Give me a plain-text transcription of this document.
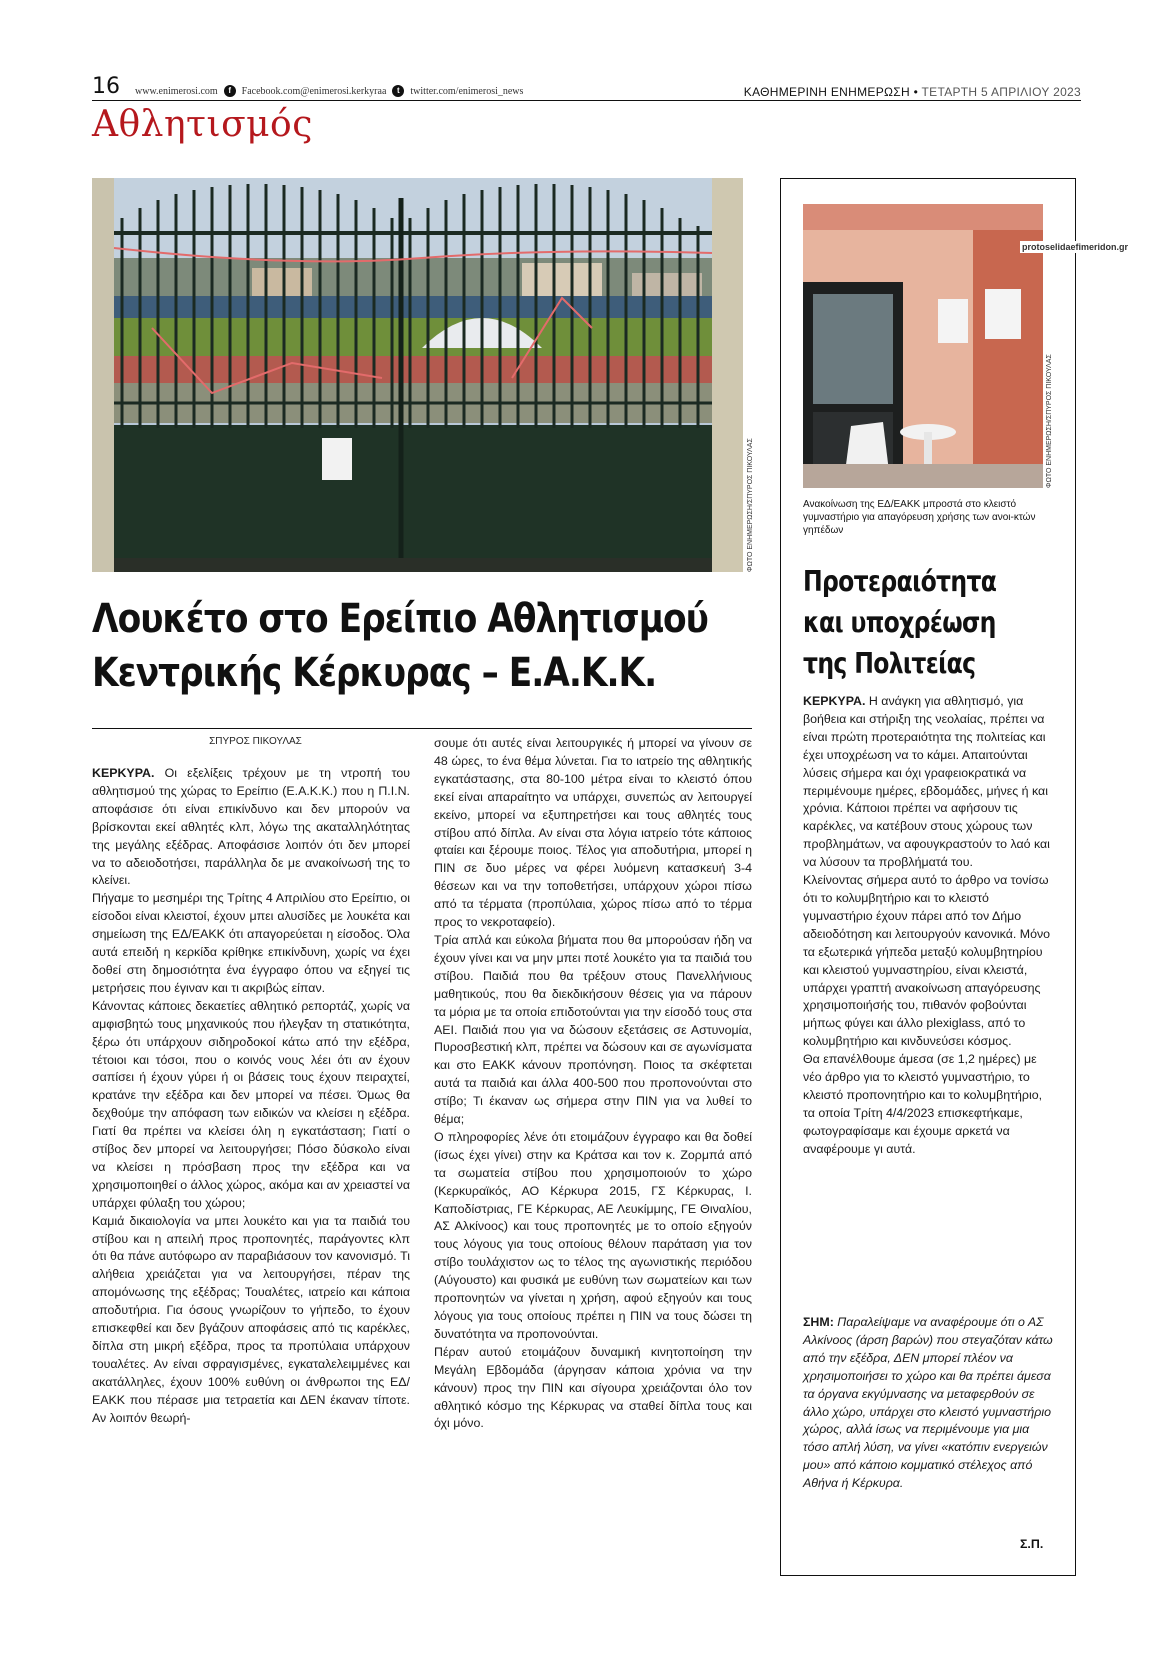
16 www.enimerosi.com	f	Facebook.com@enimerosi.kerkyraa	t	twitter.com/enimerosi_news	ΚΑΘΗΜΕΡΙΝΗ ΕΝΗΜΕΡΩΣΗ • ΤΕΤΑΡΤΗ 5 ΑΠΡΙΛΙΟΥ 2023
Αθλητισμός
ΦΩΤΟ ΕΝΗΜΕΡΩΣΗ/ΣΠΥΡΟΣ ΠΙΚΟΥΛΑΣ
Λουκέτο στο Ερείπιο Αθλητισμού
Κεντρικής Κέρκυρας – Ε.Α.Κ.Κ.
ΣΠΥΡΟΣ ΠΙΚΟΥΛΑΣ

ΚΕΡΚΥΡΑ. Οι εξελίξεις τρέχουν με τη ντροπή του αθλητισμού της χώρας το Ερείπιο (Ε.Α.Κ.Κ.) που η Π.Ι.Ν. αποφάσισε ότι είναι επικίνδυνο και δεν μπορούν να βρίσκονται εκεί αθλητές κλπ, λόγω της ακαταλληλότητας της μεγάλης εξέδρας. Αποφάσισε λοιπόν ότι δεν μπορεί να το αδειοδοτήσει, παράλληλα δε με ανακοίνωσή της το κλείνει.

Πήγαμε το μεσημέρι της Τρίτης 4 Απριλίου στο Ερείπιο, οι είσοδοι είναι κλειστοί, έχουν μπει αλυσίδες με λουκέτα και σημείωση της ΕΔ/ΕΑΚΚ ότι απαγορεύεται η είσοδος. Όλα αυτά επειδή η κερκίδα κρίθηκε επικίνδυνη, χωρίς να έχει δοθεί στη δημοσιότητα ένα έγγραφο όπου να εξηγεί τις μετρήσεις που έγιναν και τι ακριβώς είπαν.

Κάνοντας κάποιες δεκαετίες αθλητικό ρεπορτάζ, χωρίς να αμφισβητώ τους μηχανικούς που ήλεγξαν τη στατικότητα, ξέρω ότι υπάρχουν σιδηροδοκοί κάτω από την εξέδρα, τέτοιοι και τόσοι, που ο κοινός νους λέει ότι αν έχουν σαπίσει ή έχουν γύρει ή οι βάσεις τους έχουν πειραχτεί, κρατάνε την εξέδρα και δεν μπορεί να πέσει. Όμως θα δεχθούμε την απόφαση των ειδικών να κλείσει η εξέδρα. Γιατί θα πρέπει να κλείσει όλη η εγκατάσταση; Γιατί ο στίβος δεν μπορεί να λειτουργήσει; Πόσο δύσκολο είναι να κλείσει η πρόσβαση προς την εξέδρα και να χρησιμοποιηθεί ο άλλος χώρος, ακόμα και αν χρειαστεί να υπάρχει φύλαξη του χώρου;

Καμιά δικαιολογία να μπει λουκέτο και για τα παιδιά του στίβου και η απειλή προς προπονητές, παράγοντες κλπ ότι θα πάνε αυτόφωρο αν παραβιάσουν τον κανονισμό. Τι αλήθεια χρειάζεται για να λειτουργήσει, πέραν της απομόνωσης της εξέδρας; Τουαλέτες, ιατρείο και κάποια αποδυτήρια. Για όσους γνωρίζουν το γήπεδο, το έχουν επισκεφθεί και δεν βγάζουν αποφάσεις από τις καρέκλες, δίπλα στη μικρή εξέδρα, προς τα προπύλαια υπάρχουν τουαλέτες. Αν είναι σφραγισμένες, εγκαταλελειμμένες και ακατάλληλες, έχουν 100% ευθύνη οι άνθρωποι της ΕΔ/ΕΑΚΚ που πέρασε μια τετραετία και ΔΕΝ έκαναν τίποτε. Αν λοιπόν θεωρή-

σουμε ότι αυτές είναι λειτουργικές ή μπορεί να γίνουν σε 48 ώρες, το ένα θέμα λύνεται. Για το ιατρείο της αθλητικής εγκατάστασης, στα 80-100 μέτρα είναι το κλειστό όπου εκεί είναι απαραίτητο να υπάρχει, συνεπώς αν λειτουργεί εκείνο, μπορεί να εξυπηρετήσει και τους αθλητές τους στίβου από δίπλα. Αν είναι στα λόγια ιατρείο τότε κάποιος φταίει και ξέρουμε ποιος. Τέλος για αποδυτήρια, μπορεί η ΠΙΝ σε δυο μέρες να φέρει λυόμενη κατασκευή 3-4 θέσεων και να την τοποθετήσει, υπάρχουν χώροι πίσω από τα τέρματα (προπύλαια, χώρος πίσω από το τέρμα προς το νεκροταφείο).

Τρία απλά και εύκολα βήματα που θα μπορούσαν ήδη να έχουν γίνει και να μην μπει ποτέ λουκέτο για τα παιδιά του στίβου. Παιδιά που θα τρέξουν στους Πανελλήνιους μαθητικούς, που θα διεκδικήσουν θέσεις για να πάρουν τα μόρια με τα οποία επιδοτούνται για την είσοδό τους στα ΑΕΙ. Παιδιά που για να δώσουν εξετάσεις σε Αστυνομία, Πυροσβεστική κλπ, πρέπει να δώσουν και σε αγωνίσματα και στο ΕΑΚΚ κάνουν προπόνηση. Ποιος τα σκέφτεται αυτά τα παιδιά και άλλα 400-500 που προπονούνται στο στίβο; Τι έκαναν ως σήμερα στην ΠΙΝ για να λυθεί το θέμα;

Ο πληροφορίες λένε ότι ετοιμάζουν έγγραφο και θα δοθεί (ίσως έχει γίνει) στην κα Κράτσα και τον κ. Ζορμπά από τα σωματεία στίβου που χρησιμοποιούν το χώρο (Κερκυραϊκός, ΑΟ Κέρκυρα 2015, ΓΣ Κέρκυρας, Ι. Καποδίστριας, ΓΕ Κέρκυρας, ΑΕ Λευκίμμης, ΓΕ Θιναλίου, ΑΣ Αλκίνοος) και τους προπονητές με το οποίο εξηγούν τους λόγους για τους οποίους θέλουν παράταση για τον στίβο τουλάχιστον ως το τέλος της αγωνιστικής περιόδου (Αύγουστο) και φυσικά με ευθύνη των σωματείων και των προπονητών να γίνεται η χρήση, αφού εξηγούν και τους λόγους για τους οποίους πρέπει η ΠΙΝ να τους δώσει τη δυνατότητα να προπονούνται.

Πέραν αυτού ετοιμάζουν δυναμική κινητοποίηση την Μεγάλη Εβδομάδα (άργησαν κάποια χρόνια να την κάνουν) προς την ΠΙΝ και σίγουρα χρειάζονται όλο τον αθλητικό κόσμο της Κέρκυρας να σταθεί δίπλα τους και όχι μόνο.

ΦΩΤΟ ΕΝΗΜΕΡΩΣΗ/ΣΠΥΡΟΣ ΠΙΚΟΥΛΑΣ
protoselidaefimeridon.gr
Ανακοίνωση της ΕΔ/ΕΑΚΚ μπροστά στο κλειστό γυμναστήριο για απαγόρευση χρήσης των ανοι-κτών γηπέδων
Προτεραιότητα
και υποχρέωση
της Πολιτείας

ΚΕΡΚΥΡΑ. Η ανάγκη για αθλητισμό, για βοήθεια και στήριξη της νεολαίας, πρέπει να είναι πρώτη προτεραιότητα της πολιτείας και έχει υποχρέωση να το κάμει. Απαιτούνται λύσεις σήμερα και όχι γραφειοκρατικά να περιμένουμε ημέρες, εβδομάδες, μήνες ή και χρόνια. Κάποιοι πρέπει να αφήσουν τις καρέκλες, να κατέβουν στους χώρους των προβλημάτων, να αφουγκραστούν το λαό και να λύσουν τα προβλήματά του.

Κλείνοντας σήμερα αυτό το άρθρο να τονίσω ότι το κολυμβητήριο και το κλειστό γυμναστήριο έχουν πάρει από τον Δήμο αδειοδότηση και λειτουργούν κανονικά. Μόνο τα εξωτερικά γήπεδα μεταξύ κολυμβητηρίου και κλειστού γυμναστηρίου, είναι κλειστά, υπάρχει γραπτή ανακοίνωση απαγόρευσης χρησιμοποιήσής του, πιθανόν φοβούνται μήπως φύγει και άλλο plexiglass, από το κολυμβητήριο και κινδυνεύσει κόσμος.

Θα επανέλθουμε άμεσα (σε 1,2 ημέρες) με νέο άρθρο για το κλειστό γυμναστήριο, το κλειστό προπονητήριο και το κολυμβητήριο, τα οποία Τρίτη 4/4/2023 επισκεφτήκαμε, φωτογραφίσαμε και έχουμε αρκετά να αναφέρουμε γι αυτά.

ΣΗΜ: Παραλείψαμε να αναφέρουμε ότι ο ΑΣ Αλκίνοος (άρση βαρών) που στεγαζόταν κάτω από την εξέδρα, ΔΕΝ μπορεί πλέον να χρησιμοποιήσει το χώρο και θα πρέπει άμεσα τα όργανα εκγύμνασης να μεταφερθούν σε άλλο χώρο, υπάρχει στο κλειστό γυμναστήριο χώρος, αλλά ίσως να περιμένουμε για μια τόσο απλή λύση, να γίνει «κατόπιν ενεργειών μου» από κάποιο κομματικό στέλεχος από Αθήνα ή Κέρκυρα.
Σ.Π.
